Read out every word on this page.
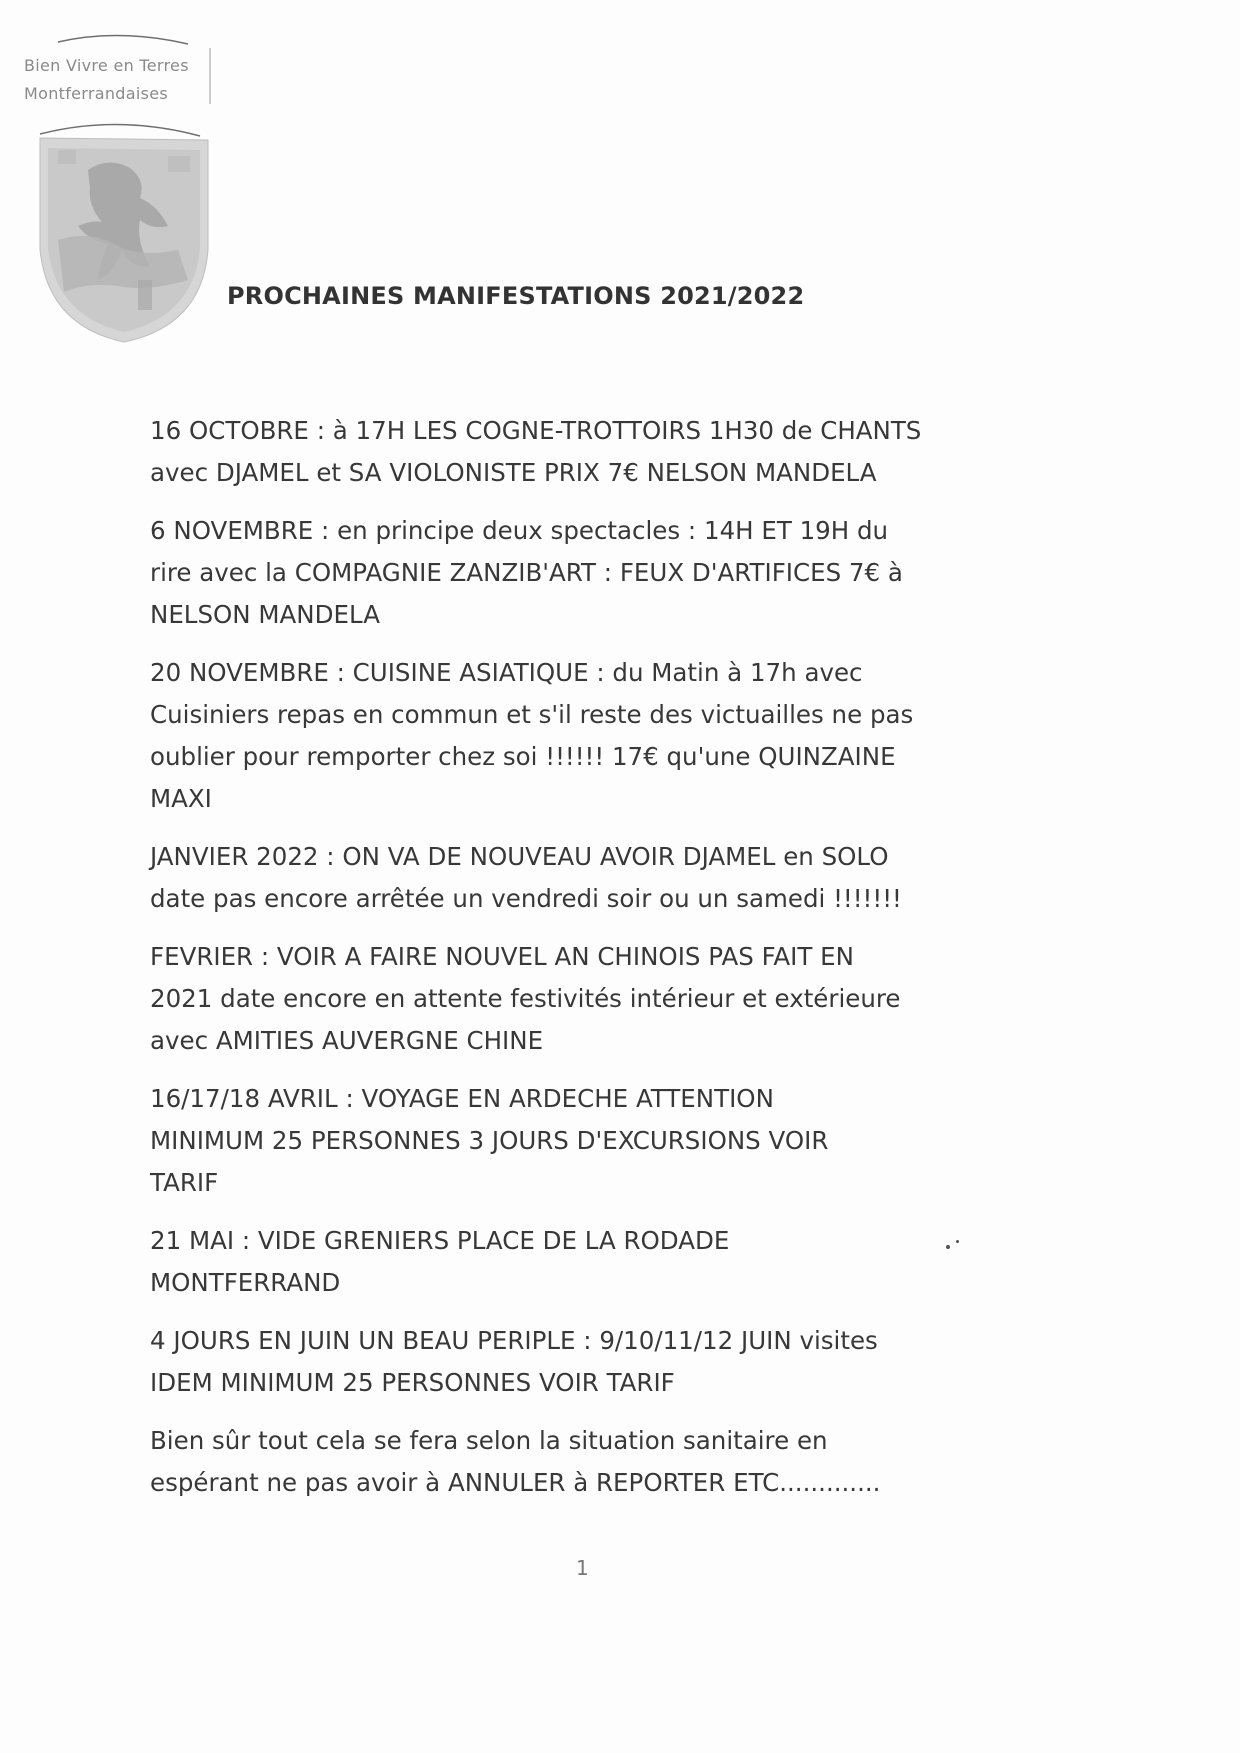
Bien Vivre en Terres
Montferrandaises
PROCHAINES MANIFESTATIONS 2021/2022

16 OCTOBRE : à 17H LES COGNE-TROTTOIRS 1H30 de CHANTS
avec DJAMEL et SA VIOLONISTE PRIX 7€ NELSON MANDELA

6 NOVEMBRE : en principe deux spectacles : 14H ET 19H du
rire avec la COMPAGNIE ZANZIB'ART : FEUX D'ARTIFICES 7€ à
NELSON MANDELA

20 NOVEMBRE : CUISINE ASIATIQUE : du Matin à 17h avec
Cuisiniers repas en commun et s'il reste des victuailles ne pas
oublier pour remporter chez soi !!!!!! 17€ qu'une QUINZAINE
MAXI

JANVIER 2022 : ON VA DE NOUVEAU AVOIR DJAMEL en SOLO
date pas encore arrêtée un vendredi soir ou un samedi !!!!!!!

FEVRIER : VOIR A FAIRE NOUVEL AN CHINOIS PAS FAIT EN
2021 date encore en attente festivités intérieur et extérieure
avec AMITIES AUVERGNE CHINE

16/17/18 AVRIL : VOYAGE EN ARDECHE ATTENTION
MINIMUM 25 PERSONNES 3 JOURS D'EXCURSIONS VOIR
TARIF

21 MAI : VIDE GRENIERS PLACE DE LA RODADE
MONTFERRAND

4 JOURS EN JUIN UN BEAU PERIPLE : 9/10/11/12 JUIN visites
IDEM MINIMUM 25 PERSONNES VOIR TARIF

Bien sûr tout cela se fera selon la situation sanitaire en
espérant ne pas avoir à ANNULER à REPORTER ETC.............

1
